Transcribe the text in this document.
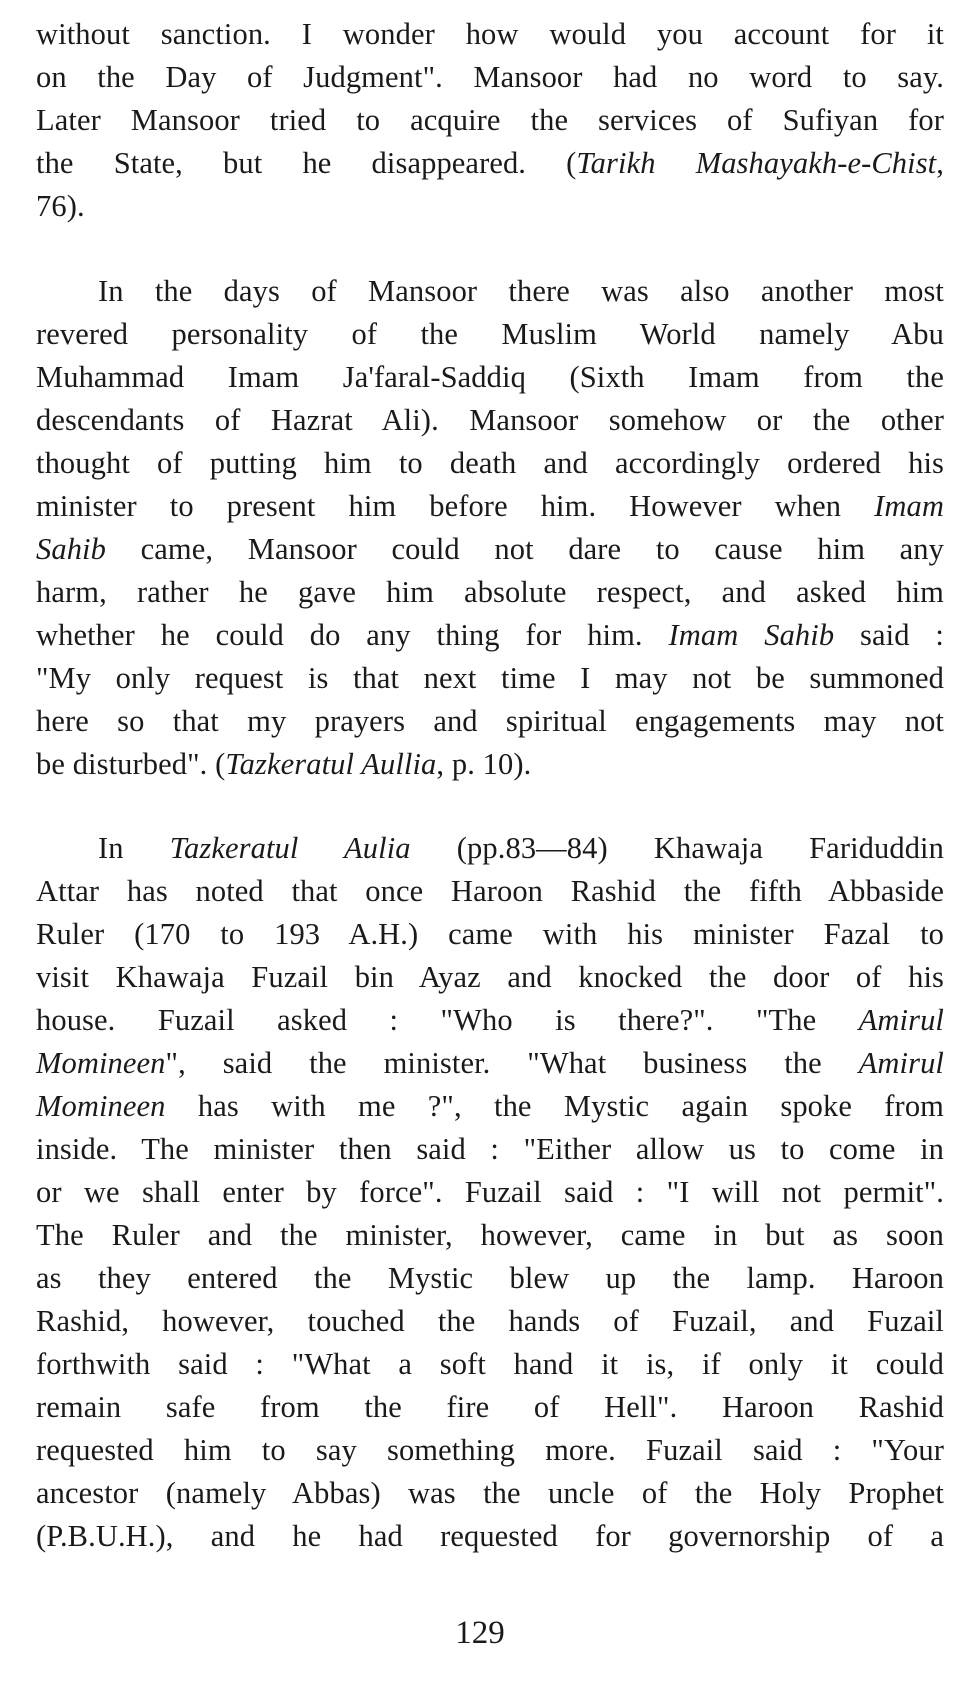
without sanction. I wonder how would you account for it
on the Day of Judgment". Mansoor had no word to say.
Later Mansoor tried to acquire the services of Sufiyan for
the State, but he disappeared. (Tarikh Mashayakh-e-Chist,
76).
In the days of Mansoor there was also another most
revered personality of the Muslim World namely Abu
Muhammad Imam Ja'faral-Saddiq (Sixth Imam from the
descendants of Hazrat Ali). Mansoor somehow or the other
thought of putting him to death and accordingly ordered his
minister to present him before him. However when Imam
Sahib came, Mansoor could not dare to cause him any
harm, rather he gave him absolute respect, and asked him
whether he could do any thing for him. Imam Sahib said :
"My only request is that next time I may not be summoned
here so that my prayers and spiritual engagements may not
be disturbed". (Tazkeratul Aullia, p. 10).
In Tazkeratul Aulia (pp.83—84) Khawaja Fariduddin
Attar has noted that once Haroon Rashid the fifth Abbaside
Ruler (170 to 193 A.H.) came with his minister Fazal to
visit Khawaja Fuzail bin Ayaz and knocked the door of his
house. Fuzail asked : "Who is there?". "The Amirul
Momineen", said the minister. "What business the Amirul
Momineen has with me ?", the Mystic again spoke from
inside. The minister then said : "Either allow us to come in
or we shall enter by force". Fuzail said : "I will not permit".
The Ruler and the minister, however, came in but as soon
as they entered the Mystic blew up the lamp. Haroon
Rashid, however, touched the hands of Fuzail, and Fuzail
forthwith said : "What a soft hand it is, if only it could
remain safe from the fire of Hell". Haroon Rashid
requested him to say something more. Fuzail said : "Your
ancestor (namely Abbas) was the uncle of the Holy Prophet
(P.B.U.H.), and he had requested for governorship of a
129
